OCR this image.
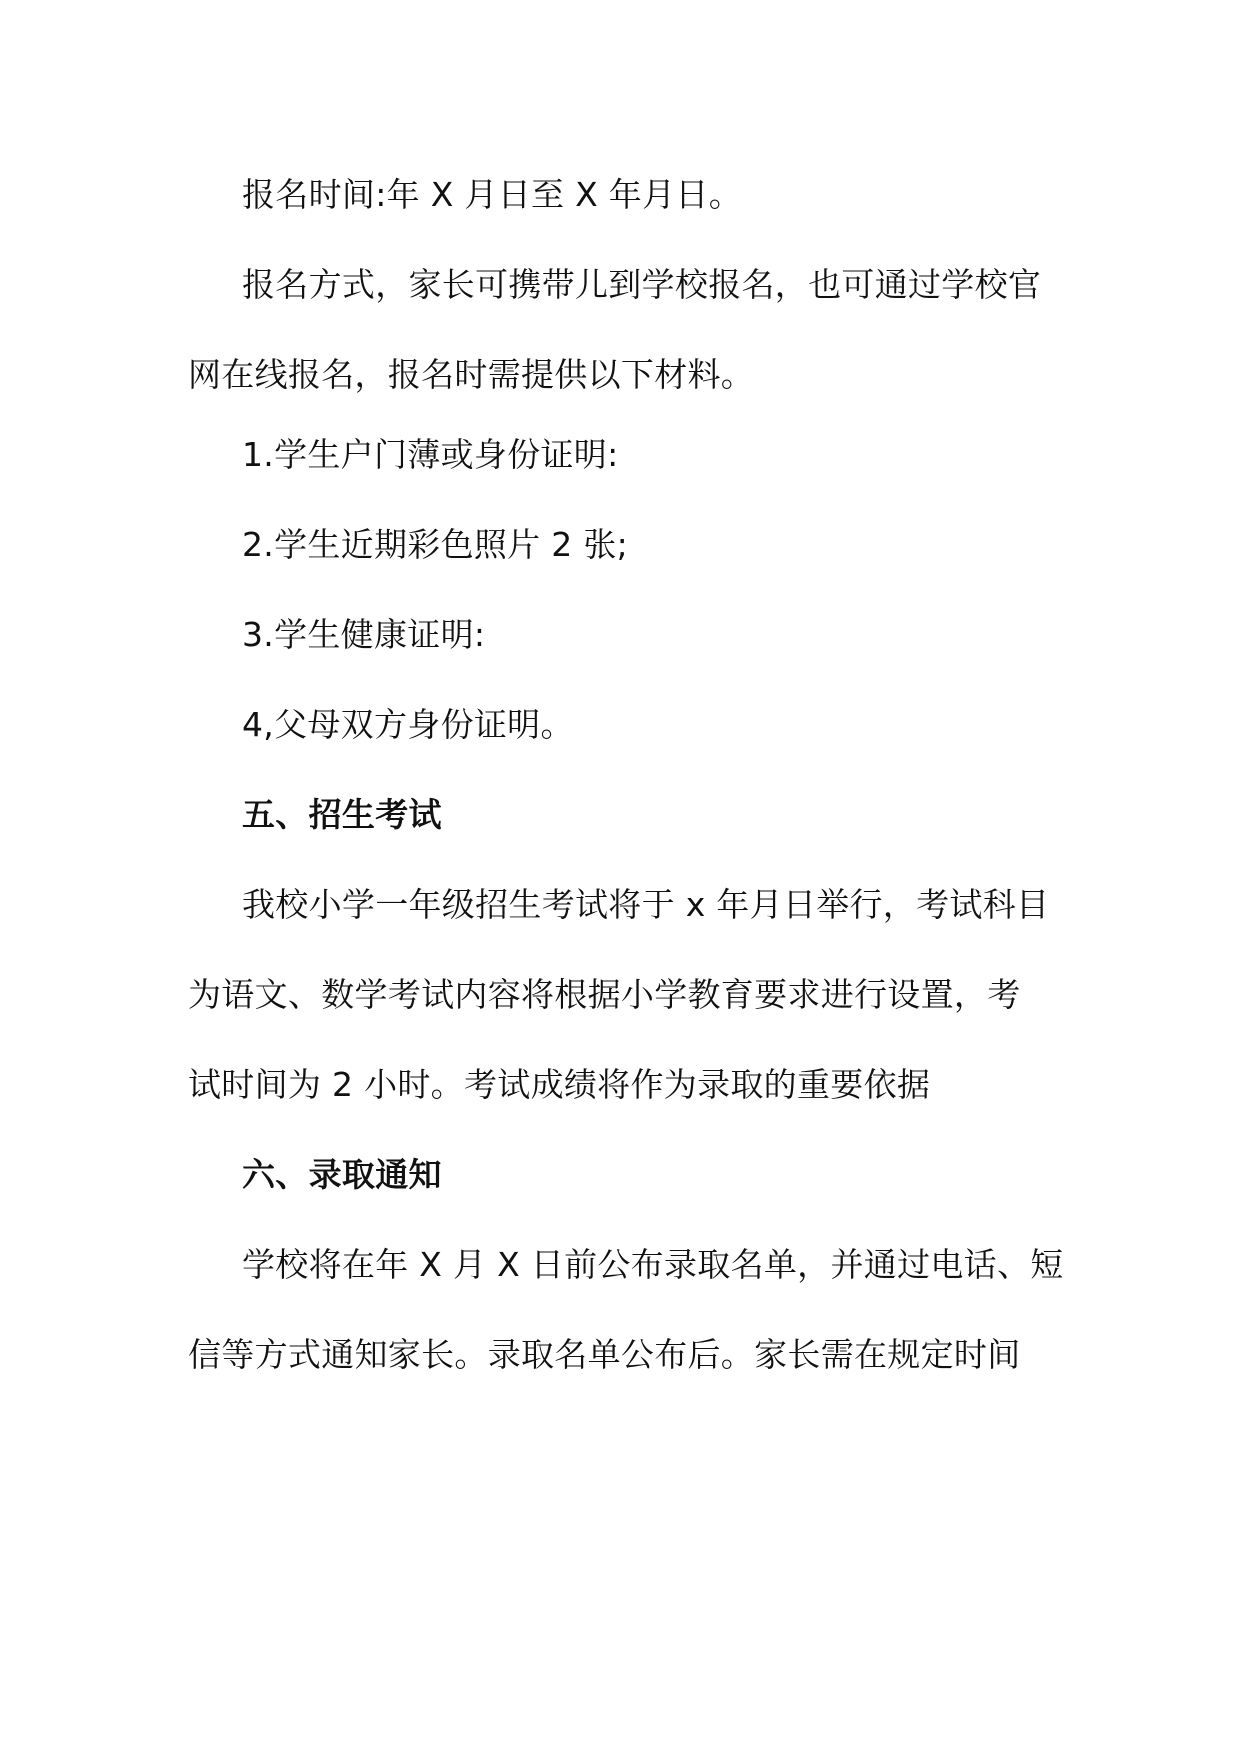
报名时间:年 X 月日至 X 年月日。
报名方式，家长可携带儿到学校报名，也可通过学校官
网在线报名，报名时需提供以下材料。
1.学生户门薄或身份证明:
2.学生近期彩色照片 2 张;
3.学生健康证明:
4,父母双方身份证明。
五、招生考试
我校小学一年级招生考试将于 x 年月日举行，考试科目
为语文、数学考试内容将根据小学教育要求进行设置，考
试时间为 2 小时。考试成绩将作为录取的重要依据
六、录取通知
学校将在年 X 月 X 日前公布录取名单，并通过电话、短
信等方式通知家长。录取名单公布后。家长需在规定时间
